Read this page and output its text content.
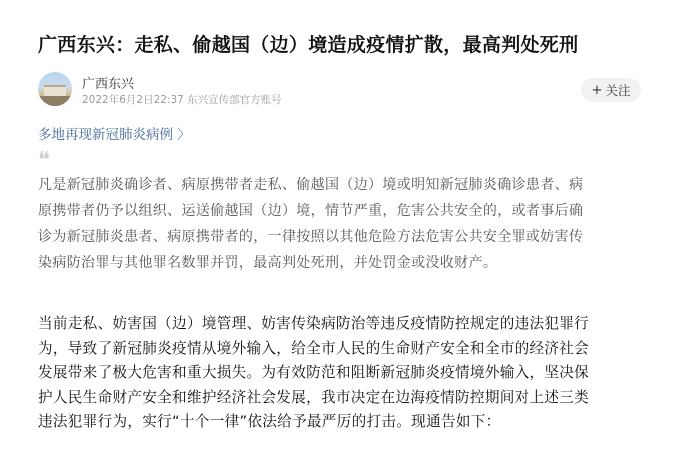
广西东兴：走私、偷越国（边）境造成疫情扩散，最高判处死刑
广西东兴
2022年6月2日22:37 东兴宣传部官方账号
+ 关注
多地再现新冠肺炎病例 〉
❝
凡是新冠肺炎确诊者、病原携带者走私、偷越国（边）境或明知新冠肺炎确诊患者、病
原携带者仍予以组织、运送偷越国（边）境，情节严重，危害公共安全的，或者事后确
诊为新冠肺炎患者、病原携带者的，一律按照以其他危险方法危害公共安全罪或妨害传
染病防治罪与其他罪名数罪并罚，最高判处死刑，并处罚金或没收财产。
当前走私、妨害国（边）境管理、妨害传染病防治等违反疫情防控规定的违法犯罪行
为，导致了新冠肺炎疫情从境外输入，给全市人民的生命财产安全和全市的经济社会
发展带来了极大危害和重大损失。为有效防范和阻断新冠肺炎疫情境外输入，坚决保
护人民生命财产安全和维护经济社会发展，我市决定在边海疫情防控期间对上述三类
违法犯罪行为，实行“十个一律”依法给予最严厉的打击。现通告如下：
